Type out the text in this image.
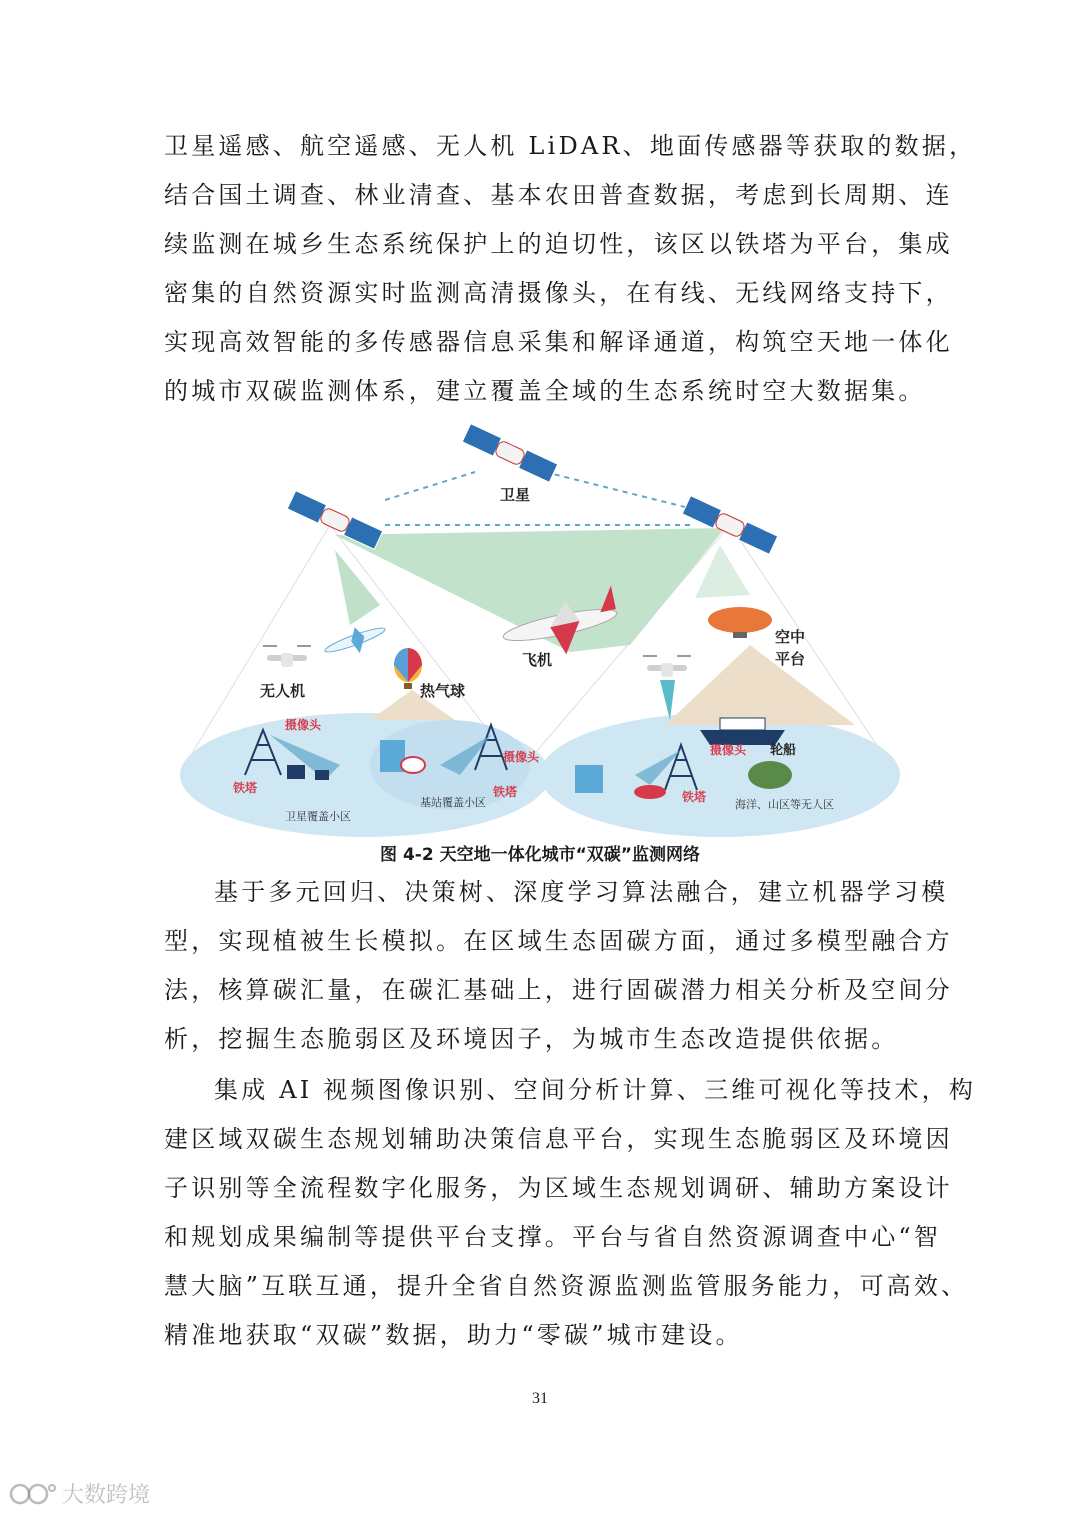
卫星遥感、航空遥感、无人机 LiDAR、地面传感器等获取的数据，
结合国土调查、林业清查、基本农田普查数据，考虑到长周期、连
续监测在城乡生态系统保护上的迫切性，该区以铁塔为平台，集成
密集的自然资源实时监测高清摄像头，在有线、无线网络支持下，
实现高效智能的多传感器信息采集和解译通道，构筑空天地一体化
的城市双碳监测体系，建立覆盖全域的生态系统时空大数据集。
卫星
飞机
空中
平台
无人机	热气球
摄像头
摄像头	摄像头
铁塔	铁塔	铁塔
轮船
卫星覆盖小区
基站覆盖小区	海洋、山区等无人区
图 4-2 天空地一体化城市“双碳”监测网络
基于多元回归、决策树、深度学习算法融合，建立机器学习模
型，实现植被生长模拟。在区域生态固碳方面，通过多模型融合方
法，核算碳汇量，在碳汇基础上，进行固碳潜力相关分析及空间分
析，挖掘生态脆弱区及环境因子，为城市生态改造提供依据。
集成 AI 视频图像识别、空间分析计算、三维可视化等技术，构
建区域双碳生态规划辅助决策信息平台，实现生态脆弱区及环境因
子识别等全流程数字化服务，为区域生态规划调研、辅助方案设计
和规划成果编制等提供平台支撑。平台与省自然资源调查中心“智
慧大脑”互联互通，提升全省自然资源监测监管服务能力，可高效、
精准地获取“双碳”数据，助力“零碳”城市建设。
31
大数跨境
